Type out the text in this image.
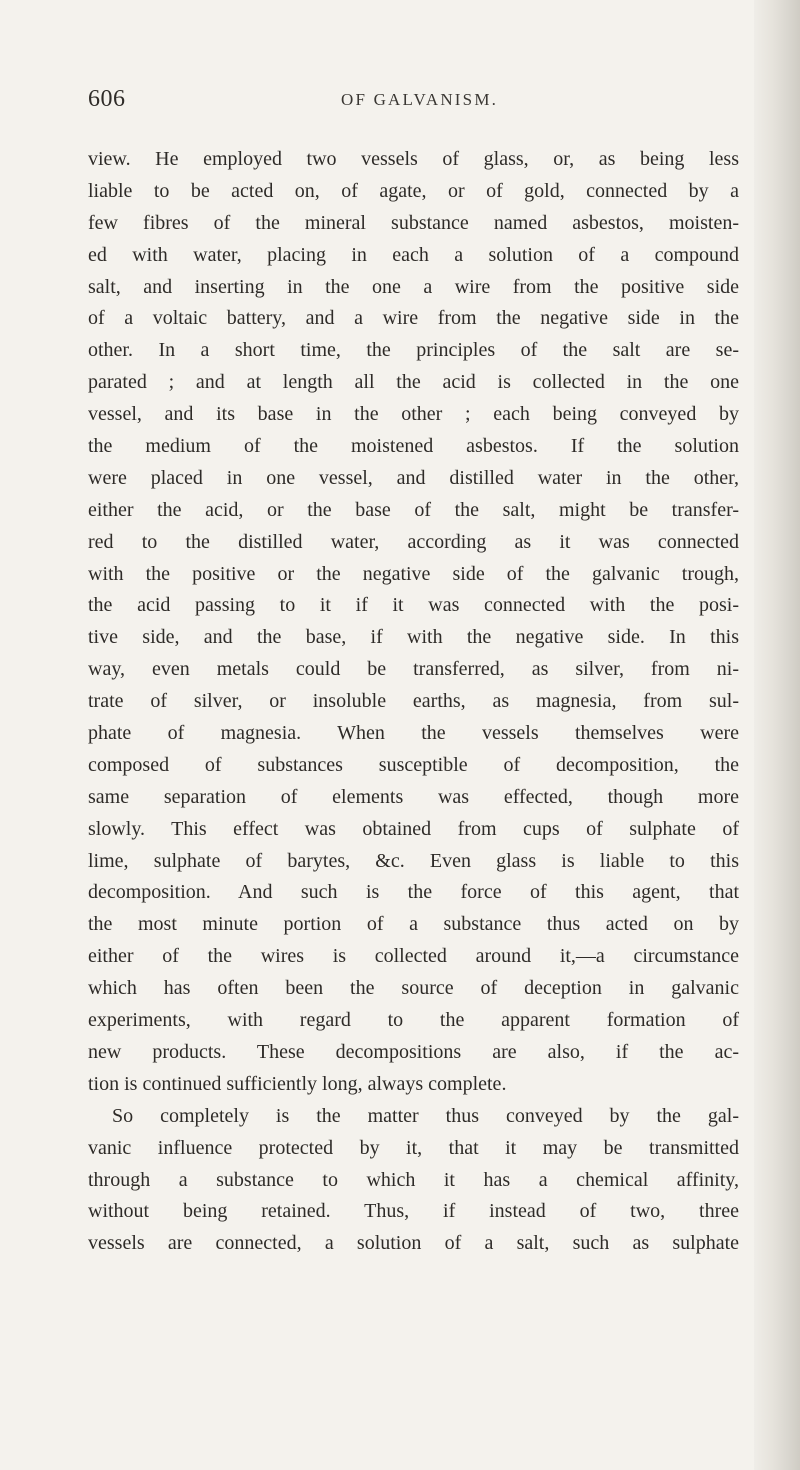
606	OF GALVANISM.
view. He employed two vessels of glass, or, as being less
liable to be acted on, of agate, or of gold, connected by a
few fibres of the mineral substance named asbestos, moisten-
ed with water, placing in each a solution of a compound
salt, and inserting in the one a wire from the positive side
of a voltaic battery, and a wire from the negative side in the
other. In a short time, the principles of the salt are se-
parated ; and at length all the acid is collected in the one
vessel, and its base in the other ; each being conveyed by
the medium of the moistened asbestos. If the solution
were placed in one vessel, and distilled water in the other,
either the acid, or the base of the salt, might be transfer-
red to the distilled water, according as it was connected
with the positive or the negative side of the galvanic trough,
the acid passing to it if it was connected with the posi-
tive side, and the base, if with the negative side. In this
way, even metals could be transferred, as silver, from ni-
trate of silver, or insoluble earths, as magnesia, from sul-
phate of magnesia. When the vessels themselves were
composed of substances susceptible of decomposition, the
same separation of elements was effected, though more
slowly. This effect was obtained from cups of sulphate of
lime, sulphate of barytes, &c. Even glass is liable to this
decomposition. And such is the force of this agent, that
the most minute portion of a substance thus acted on by
either of the wires is collected around it,—a circumstance
which has often been the source of deception in galvanic
experiments, with regard to the apparent formation of
new products. These decompositions are also, if the ac-
tion is continued sufficiently long, always complete.
So completely is the matter thus conveyed by the gal-
vanic influence protected by it, that it may be transmitted
through a substance to which it has a chemical affinity,
without being retained. Thus, if instead of two, three
vessels are connected, a solution of a salt, such as sulphate
